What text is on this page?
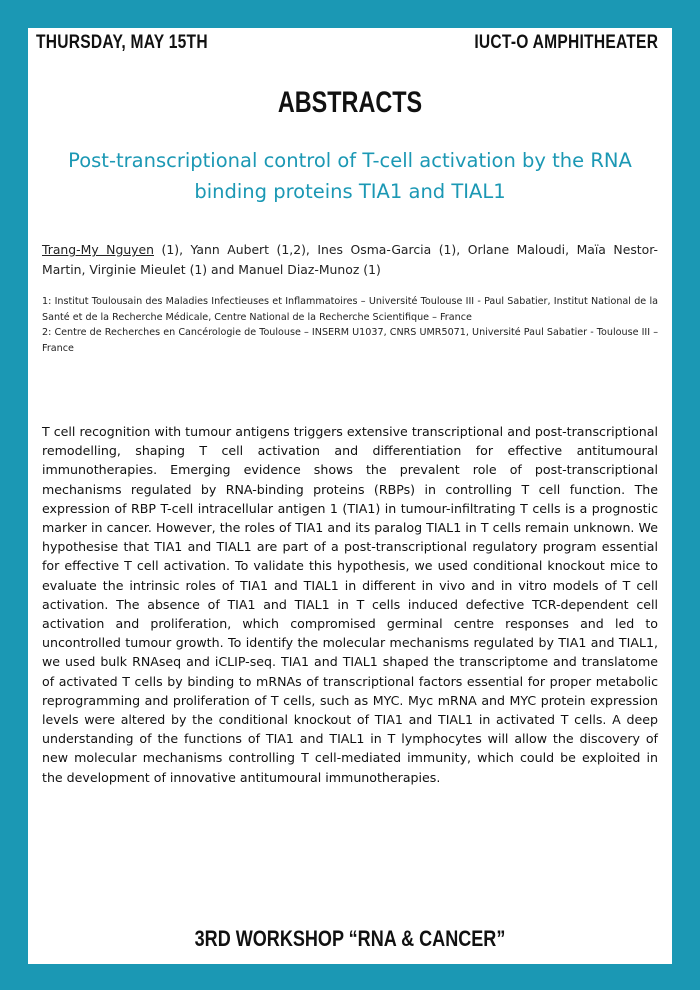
THURSDAY, MAY 15TH	IUCT-O AMPHITHEATER
ABSTRACTS
Post-transcriptional control of T-cell activation by the RNA binding proteins TIA1 and TIAL1
Trang-My Nguyen (1), Yann Aubert (1,2), Ines Osma-Garcia (1), Orlane Maloudi, Maïa Nestor-Martin, Virginie Mieulet (1) and Manuel Diaz-Munoz (1)

1: Institut Toulousain des Maladies Infectieuses et Inflammatoires – Université Toulouse III - Paul Sabatier, Institut National de la Santé et de la Recherche Médicale, Centre National de la Recherche Scientifique – France

2: Centre de Recherches en Cancérologie de Toulouse – INSERM U1037, CNRS UMR5071, Université Paul Sabatier - Toulouse III – France

T cell recognition with tumour antigens triggers extensive transcriptional and post-transcriptional remodelling, shaping T cell activation and differentiation for effective antitumoural immunotherapies. Emerging evidence shows the prevalent role of post-transcriptional mechanisms regulated by RNA-binding proteins (RBPs) in controlling T cell function. The expression of RBP T-cell intracellular antigen 1 (TIA1) in tumour-infiltrating T cells is a prognostic marker in cancer. However, the roles of TIA1 and its paralog TIAL1 in T cells remain unknown. We hypothesise that TIA1 and TIAL1 are part of a post-transcriptional regulatory program essential for effective T cell activation. To validate this hypothesis, we used conditional knockout mice to evaluate the intrinsic roles of TIA1 and TIAL1 in different in vivo and in vitro models of T cell activation. The absence of TIA1 and TIAL1 in T cells induced defective TCR-dependent cell activation and proliferation, which compromised germinal centre responses and led to uncontrolled tumour growth. To identify the molecular mechanisms regulated by TIA1 and TIAL1, we used bulk RNAseq and iCLIP-seq. TIA1 and TIAL1 shaped the transcriptome and translatome of activated T cells by binding to mRNAs of transcriptional factors essential for proper metabolic reprogramming and proliferation of T cells, such as MYC. Myc mRNA and MYC protein expression levels were altered by the conditional knockout of TIA1 and TIAL1 in activated T cells. A deep understanding of the functions of TIA1 and TIAL1 in T lymphocytes will allow the discovery of new molecular mechanisms controlling T cell-mediated immunity, which could be exploited in the development of innovative antitumoural immunotherapies.

3RD WORKSHOP “RNA & CANCER”
